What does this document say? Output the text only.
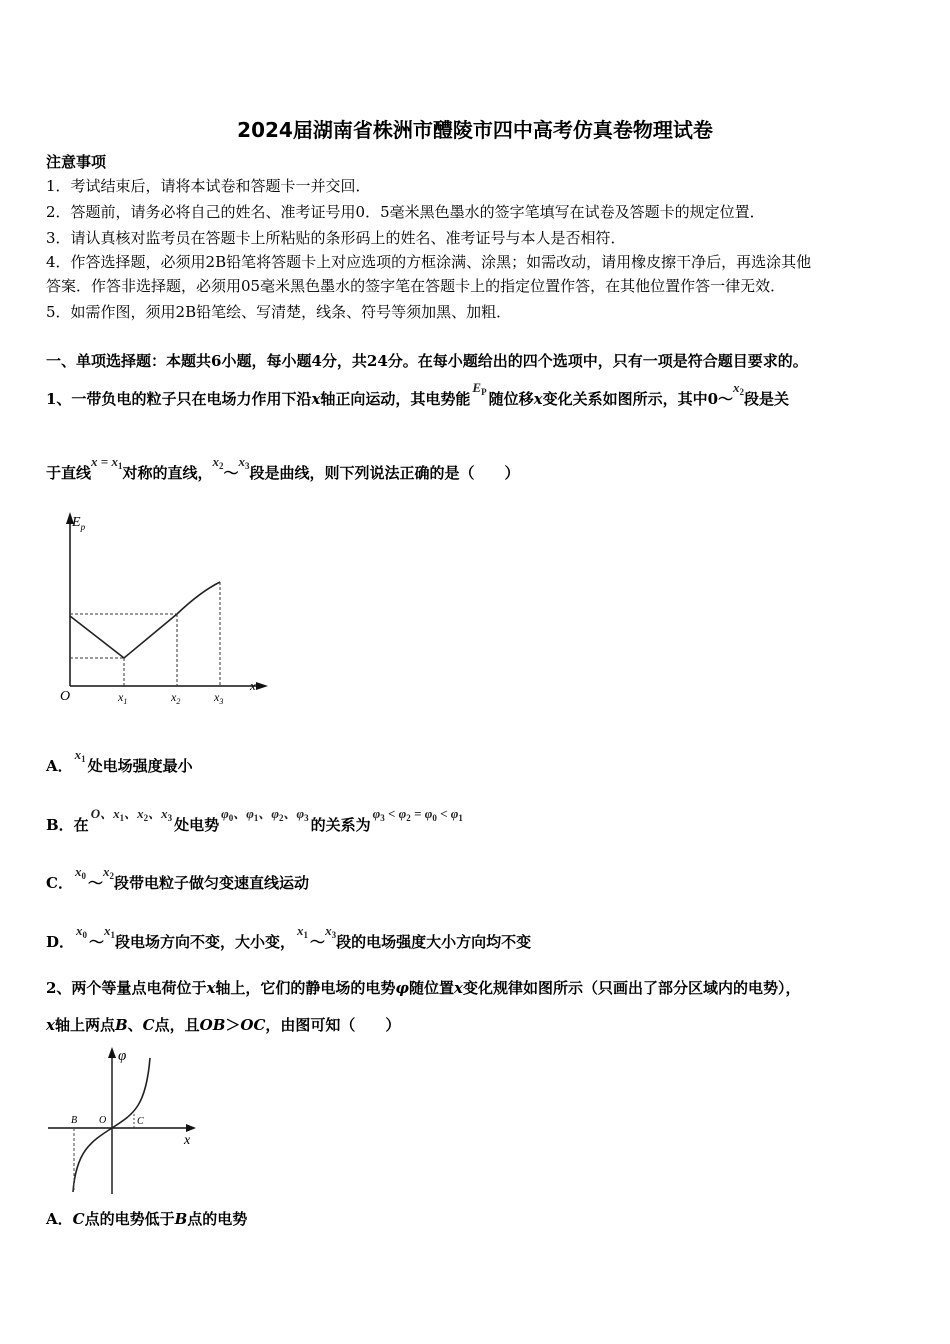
2024届湖南省株洲市醴陵市四中高考仿真卷物理试卷
注意事项
1．考试结束后，请将本试卷和答题卡一并交回．
2．答题前，请务必将自己的姓名、准考证号用0．5毫米黑色墨水的签字笔填写在试卷及答题卡的规定位置．
3．请认真核对监考员在答题卡上所粘贴的条形码上的姓名、准考证号与本人是否相符．
4．作答选择题，必须用2B铅笔将答题卡上对应选项的方框涂满、涂黑；如需改动，请用橡皮擦干净后，再选涂其他
答案．作答非选择题，必须用05毫米黑色墨水的签字笔在答题卡上的指定位置作答，在其他位置作答一律无效．
5．如需作图，须用2B铅笔绘、写清楚，线条、符号等须加黑、加粗．
一、单项选择题：本题共6小题，每小题4分，共24分。在每小题给出的四个选项中，只有一项是符合题目要求的。
1、一带负电的粒子只在电场力作用下沿x轴正向运动，其电势能$E_P$ 随位移x变化关系如图所示，其中$0\sim x_2$段是关
于直线$x = x_1$对称的直线，$x_2\sim x_3$段是曲线，则下列说法正确的是（　　）
$E_p$
O
x
$x_1$	$x_2$	$x_3$
A．$x_1$ 处电场强度最小
B．在O、$x_1$、$x_2$、$x_3$ 处电势$\varphi_0$、$\varphi_1$、$\varphi_2$、$\varphi_3$ 的关系为$\varphi_3 < \varphi_2 = \varphi_0 < \varphi_1$
C．$x_0$ $\sim x_2$段带电粒子做匀变速直线运动
D．$x_0$ $\sim x_1$段电场方向不变，大小变，$x_1$ $\sim x_3$段的电场强度大小方向均不变
2、两个等量点电荷位于x轴上，它们的静电场的电势φ随位置x变化规律如图所示（只画出了部分区域内的电势），
x轴上两点B、C点，且OB＞OC，由图可知（　　）
φ
x
B O	C
A．C点的电势低于B点的电势
